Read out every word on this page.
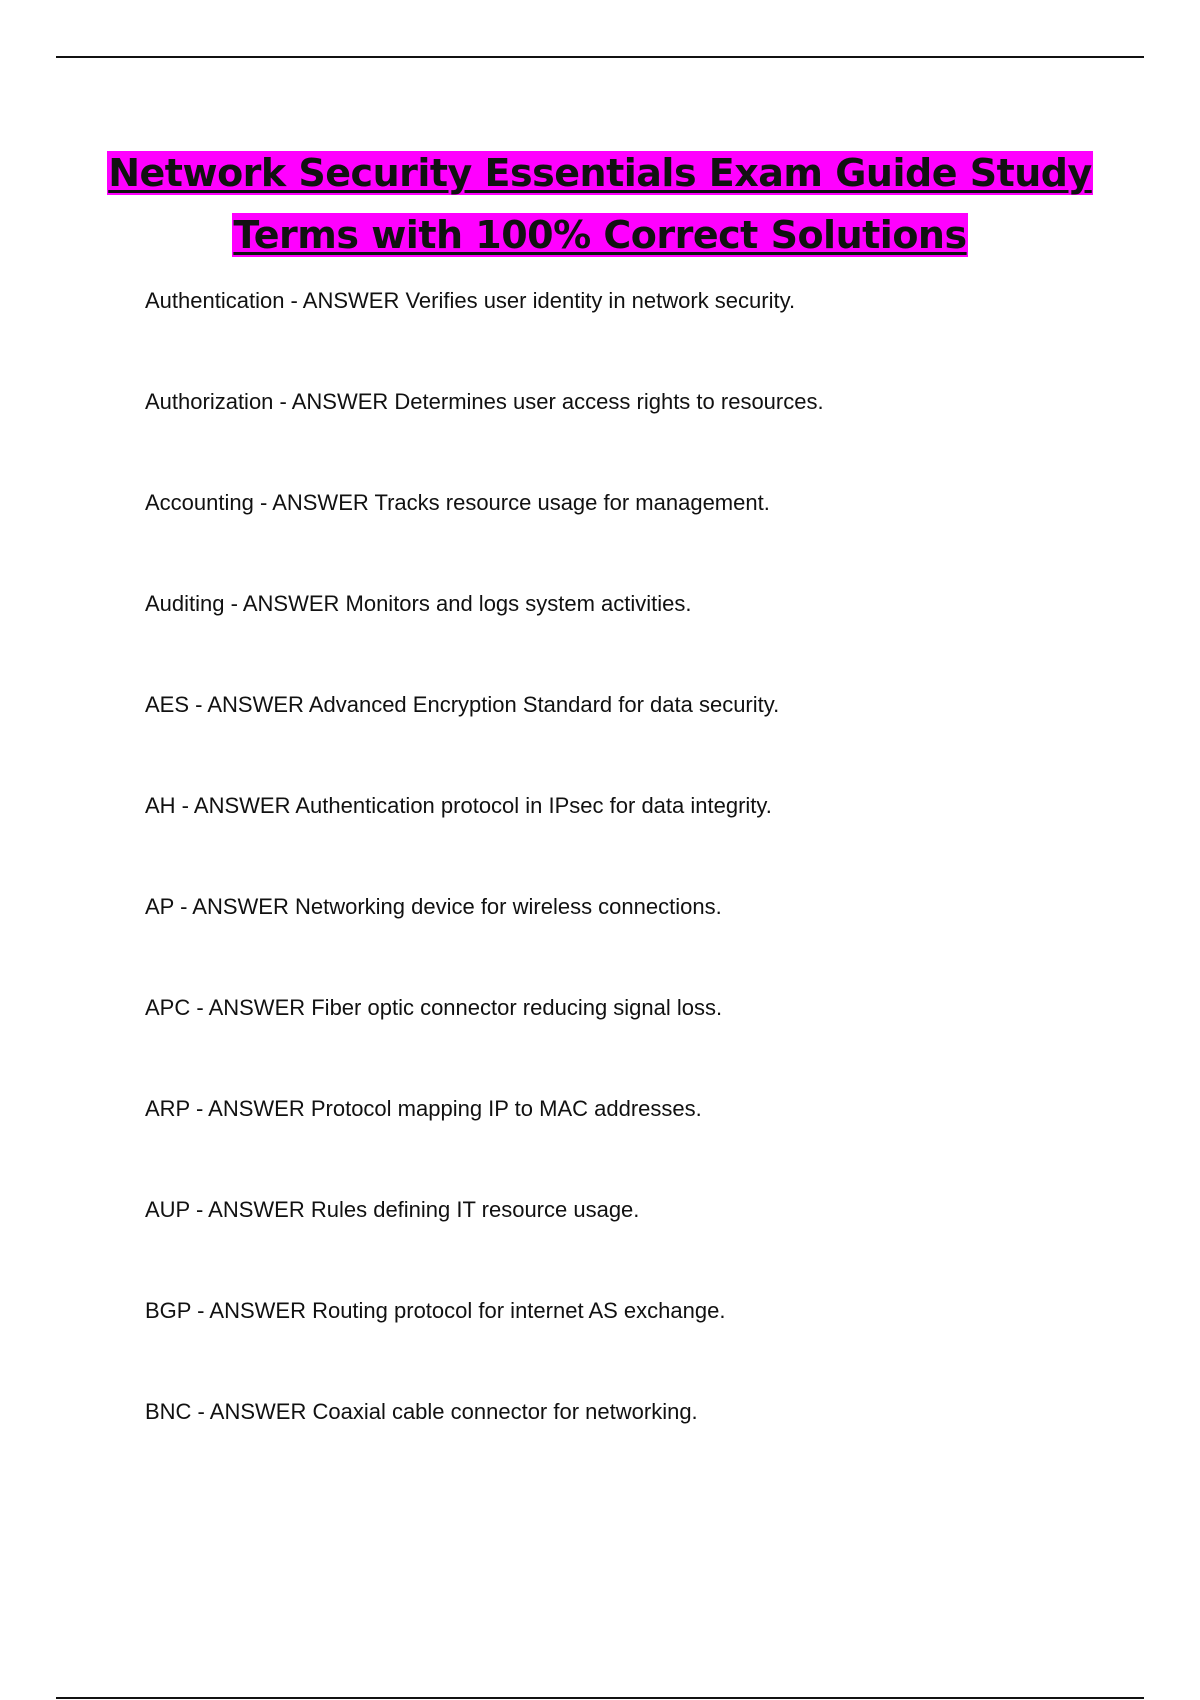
Network Security Essentials Exam Guide Study
Terms with 100% Correct Solutions
Authentication - ANSWER Verifies user identity in network security.
Authorization - ANSWER Determines user access rights to resources.
Accounting - ANSWER Tracks resource usage for management.
Auditing - ANSWER Monitors and logs system activities.
AES - ANSWER Advanced Encryption Standard for data security.
AH - ANSWER Authentication protocol in IPsec for data integrity.
AP - ANSWER Networking device for wireless connections.
APC - ANSWER Fiber optic connector reducing signal loss.
ARP - ANSWER Protocol mapping IP to MAC addresses.
AUP - ANSWER Rules defining IT resource usage.
BGP - ANSWER Routing protocol for internet AS exchange.
BNC - ANSWER Coaxial cable connector for networking.
